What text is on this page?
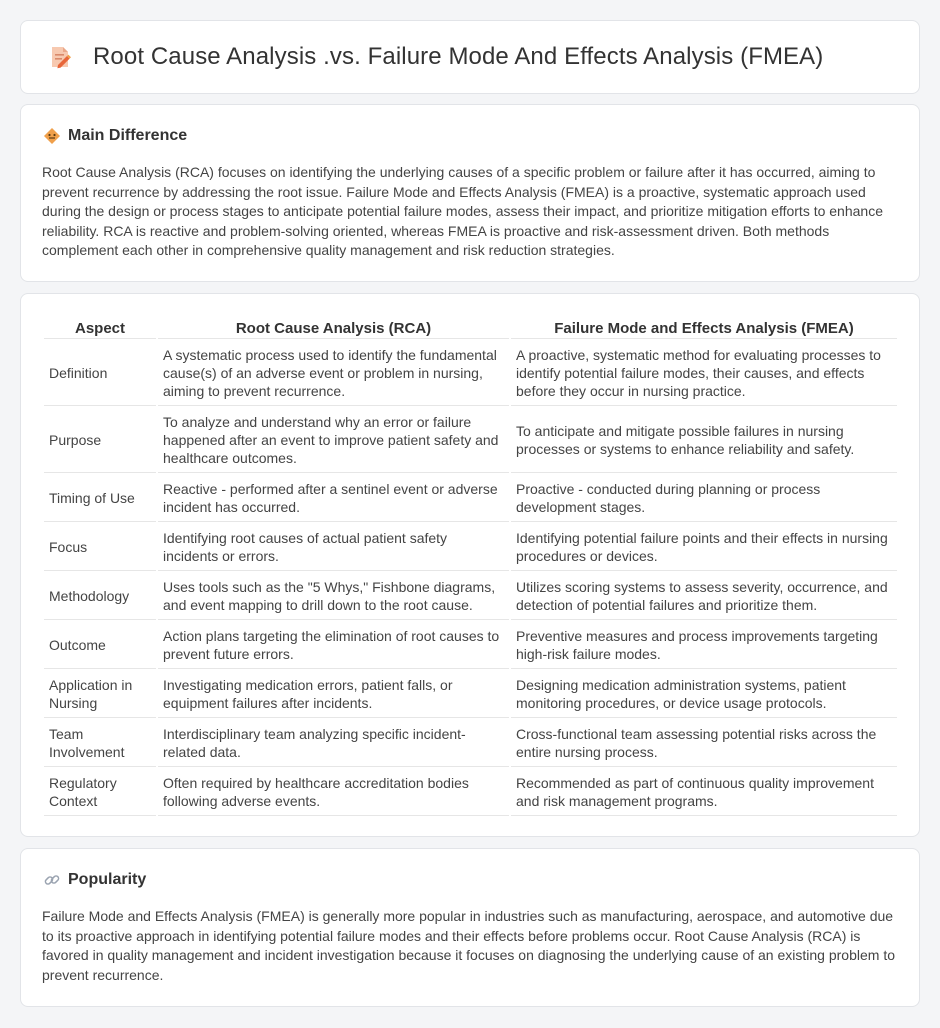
Root Cause Analysis .vs. Failure Mode And Effects Analysis (FMEA)
Main Difference

Root Cause Analysis (RCA) focuses on identifying the underlying causes of a specific problem or failure after it has occurred, aiming to prevent recurrence by addressing the root issue. Failure Mode and Effects Analysis (FMEA) is a proactive, systematic approach used during the design or process stages to anticipate potential failure modes, assess their impact, and prioritize mitigation efforts to enhance reliability. RCA is reactive and problem-solving oriented, whereas FMEA is proactive and risk-assessment driven. Both methods complement each other in comprehensive quality management and risk reduction strategies.

Aspect	Root Cause Analysis (RCA)	Failure Mode and Effects Analysis (FMEA)
Definition	A systematic process used to identify the fundamental cause(s) of an adverse event or problem in nursing, aiming to prevent recurrence.	A proactive, systematic method for evaluating processes to identify potential failure modes, their causes, and effects before they occur in nursing practice.
Purpose	To analyze and understand why an error or failure happened after an event to improve patient safety and healthcare outcomes.	To anticipate and mitigate possible failures in nursing processes or systems to enhance reliability and safety.
Timing of Use	Reactive - performed after a sentinel event or adverse incident has occurred.	Proactive - conducted during planning or process development stages.
Focus	Identifying root causes of actual patient safety incidents or errors.	Identifying potential failure points and their effects in nursing procedures or devices.
Methodology	Uses tools such as the "5 Whys," Fishbone diagrams, and event mapping to drill down to the root cause.	Utilizes scoring systems to assess severity, occurrence, and detection of potential failures and prioritize them.
Outcome	Action plans targeting the elimination of root causes to prevent future errors.	Preventive measures and process improvements targeting high-risk failure modes.
Application in Nursing	Investigating medication errors, patient falls, or equipment failures after incidents.	Designing medication administration systems, patient monitoring procedures, or device usage protocols.
Team Involvement	Interdisciplinary team analyzing specific incident-related data.	Cross-functional team assessing potential risks across the entire nursing process.
Regulatory Context	Often required by healthcare accreditation bodies following adverse events.	Recommended as part of continuous quality improvement and risk management programs.
Popularity

Failure Mode and Effects Analysis (FMEA) is generally more popular in industries such as manufacturing, aerospace, and automotive due to its proactive approach in identifying potential failure modes and their effects before problems occur. Root Cause Analysis (RCA) is favored in quality management and incident investigation because it focuses on diagnosing the underlying cause of an existing problem to prevent recurrence.
